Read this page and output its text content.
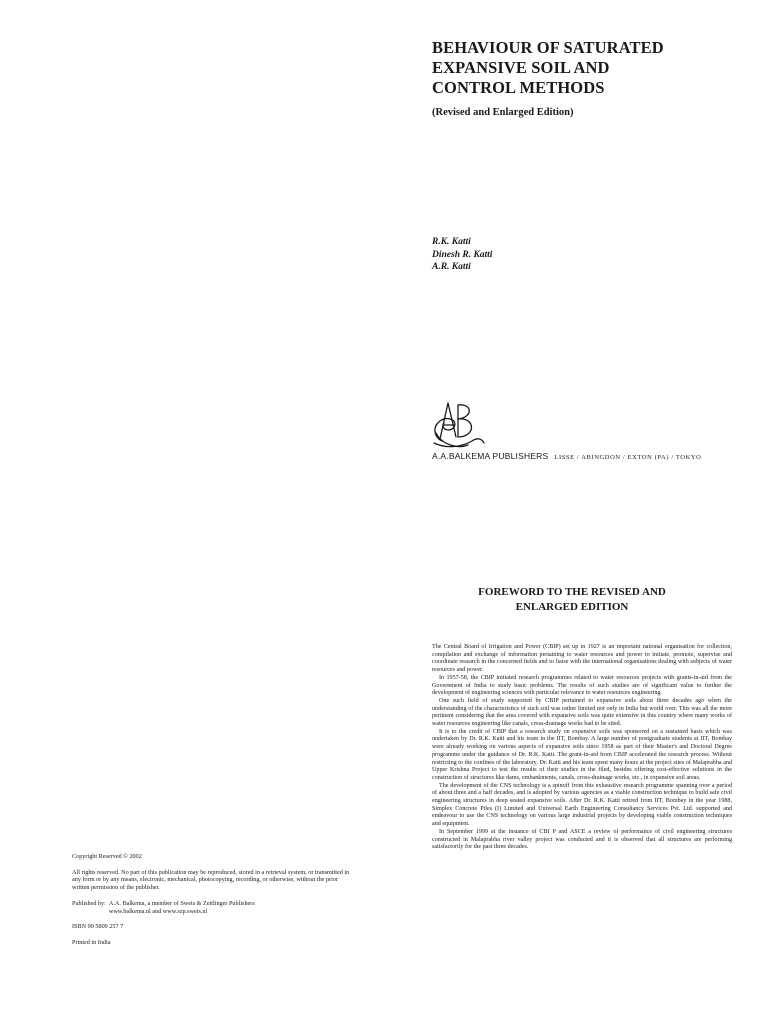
BEHAVIOUR OF SATURATED
EXPANSIVE SOIL AND
CONTROL METHODS
(Revised and Enlarged Edition)
R.K. Katti
Dinesh R. Katti
A.R. Katti
A.A.BALKEMA PUBLISHERS LISSE / ABINGDON / EXTON (PA) / TOKYO
FOREWORD TO THE REVISED AND
ENLARGED EDITION

The Central Board of Irrigation and Power (CBIP) set up in 1927 is an important national organisation for collection, compilation and exchange of information pertaining to water resources and power to initiate, promote, supervise and coordinate research in the concerned fields and to liaise with the international organisations dealing with subjects of water resources and power.

In 1957-58, the CBIP initiated research programmes related to water resources projects with grants-in-aid from the Government of India to study basic problems. The results of such studies are of significant value to further the development of engineering sciences with particular relevance to water resources engineering.

One such field of study supported by CBIP pertained to expansive soils about three decades ago when the understanding of the characteristics of such soil was rather limited not only in India but world over. This was all the more pertinent considering that the area covered with expansive soils was quite extensive in this country where many works of water resources engineering like canals, cross-drainage works had to be sited.

It is to the credit of CBIP that a research study on expansive soils was sponsored on a sustained basis which was undertaken by Dr. R.K. Katti and his team in the IIT, Bombay. A large number of postgraduate students at IIT, Bombay were already working on various aspects of expansive soils since 1958 as part of their Master's and Doctoral Degree programme under the guidance of Dr. R.K. Katti. The grant-in-aid from CBIP accelerated the research process. Without restricting to the confines of the laboratory, Dr. Katti and his team spent many hours at the project sites of Malaprabha and Upper Krishna Project to test the results of their studies in the filed, besides offering cost-effective solutions in the construction of structures like dams, embankments, canals, cross-drainage works, etc., in expansive soil areas.

The development of the CNS technology is a spinoff from this exhaustive research programme spanning over a period of about three and a half decades, and is adopted by various agencies as a viable construction technique to build safe civil engineering structures in deep seated expansive soils. After Dr. R.K. Katti retired from IIT, Bombay in the year 1988, Simplex Concrete Piles (I) Limited and Universal Earth Engineering Consultancy Services Pvt. Ltd. supported and endeavour to use the CNS technology on various large industrial projects by developing viable construction techniques and equipment.

In September 1999 at the instance of CBI P and ASCE a review of performance of civil engineering structures constructed in Malaprabha river valley project was conducted and it is observed that all structures are performing satisfactorily for the past three decades.

Copyright Reserved © 2002

All rights reserved. No part of this publication may be reproduced, stored in a retrieval system, or transmitted in any form or by any means, electronic, mechanical, photocopying, recording, or otherwise, without the prior written permission of the publisher.

Published by: A.A. Balkema, a member of Swets & Zeitlinger Publishers
www.balkema.nl and www.szp.swets.nl

ISBN 90 5809 257 7

Printed in India
